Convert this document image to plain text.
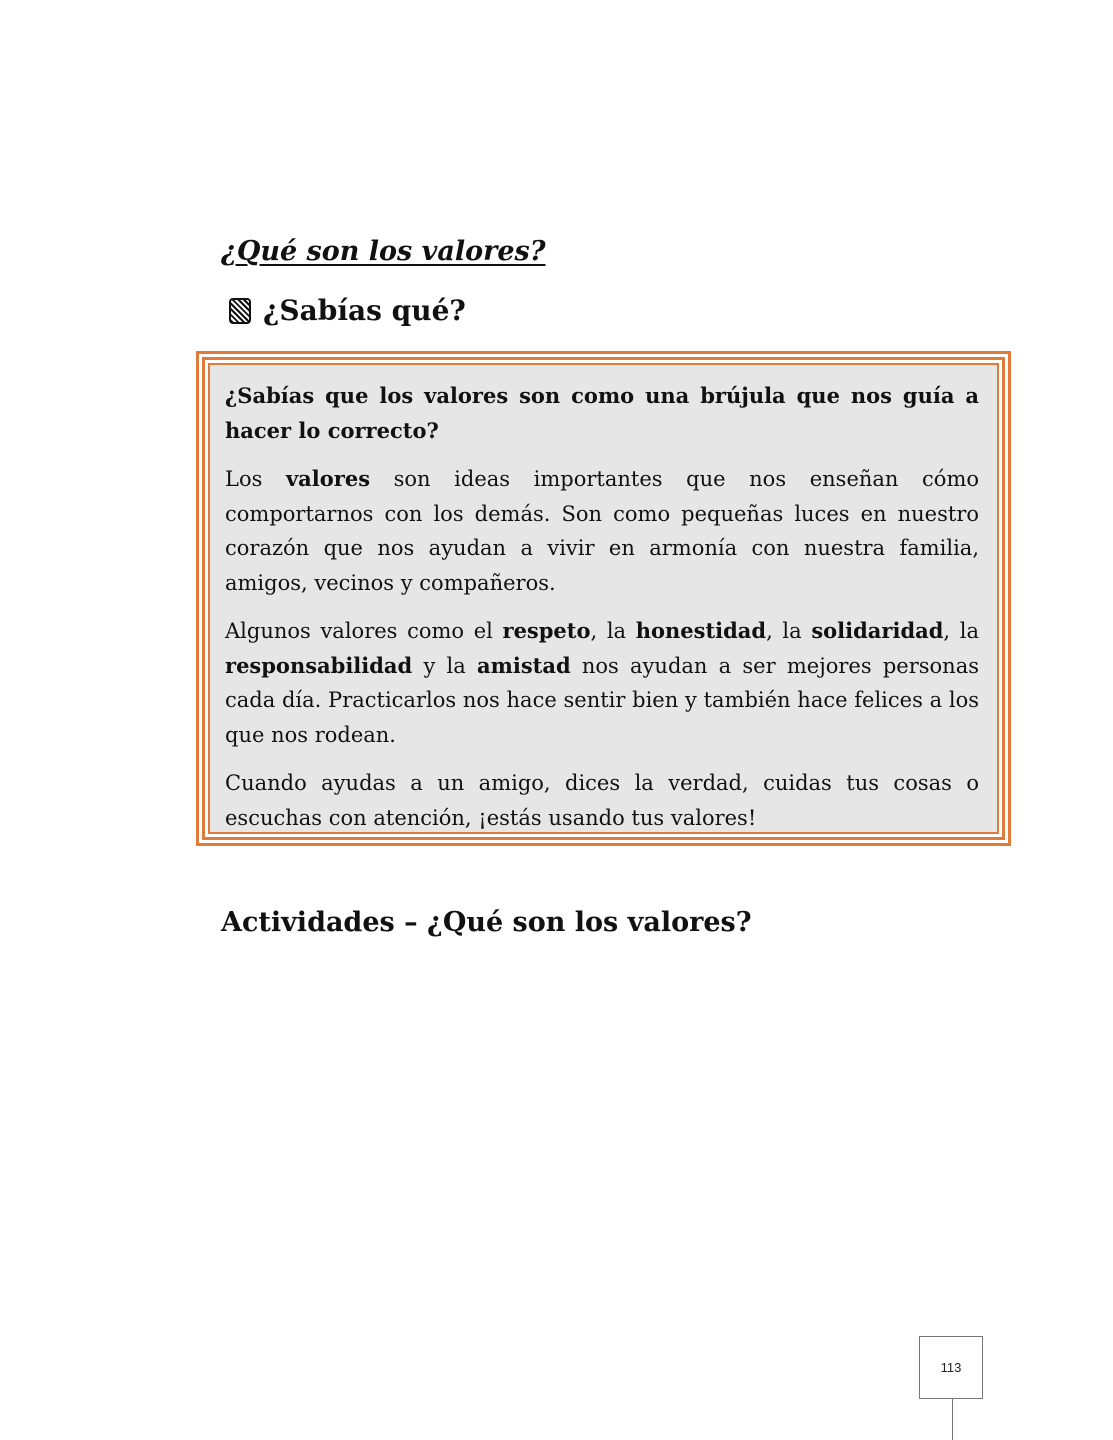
¿Qué son los valores?
¿Sabías qué?

¿Sabías que los valores son como una brújula que nos guía a hacer lo correcto?

Los valores son ideas importantes que nos enseñan cómo comportarnos con los demás. Son como pequeñas luces en nuestro corazón que nos ayudan a vivir en armonía con nuestra familia, amigos, vecinos y compañeros.

Algunos valores como el respeto, la honestidad, la solidaridad, la responsabilidad y la amistad nos ayudan a ser mejores personas cada día. Practicarlos nos hace sentir bien y también hace felices a los que nos rodean.

Cuando ayudas a un amigo, dices la verdad, cuidas tus cosas o escuchas con atención, ¡estás usando tus valores!

Actividades – ¿Qué son los valores?
113
